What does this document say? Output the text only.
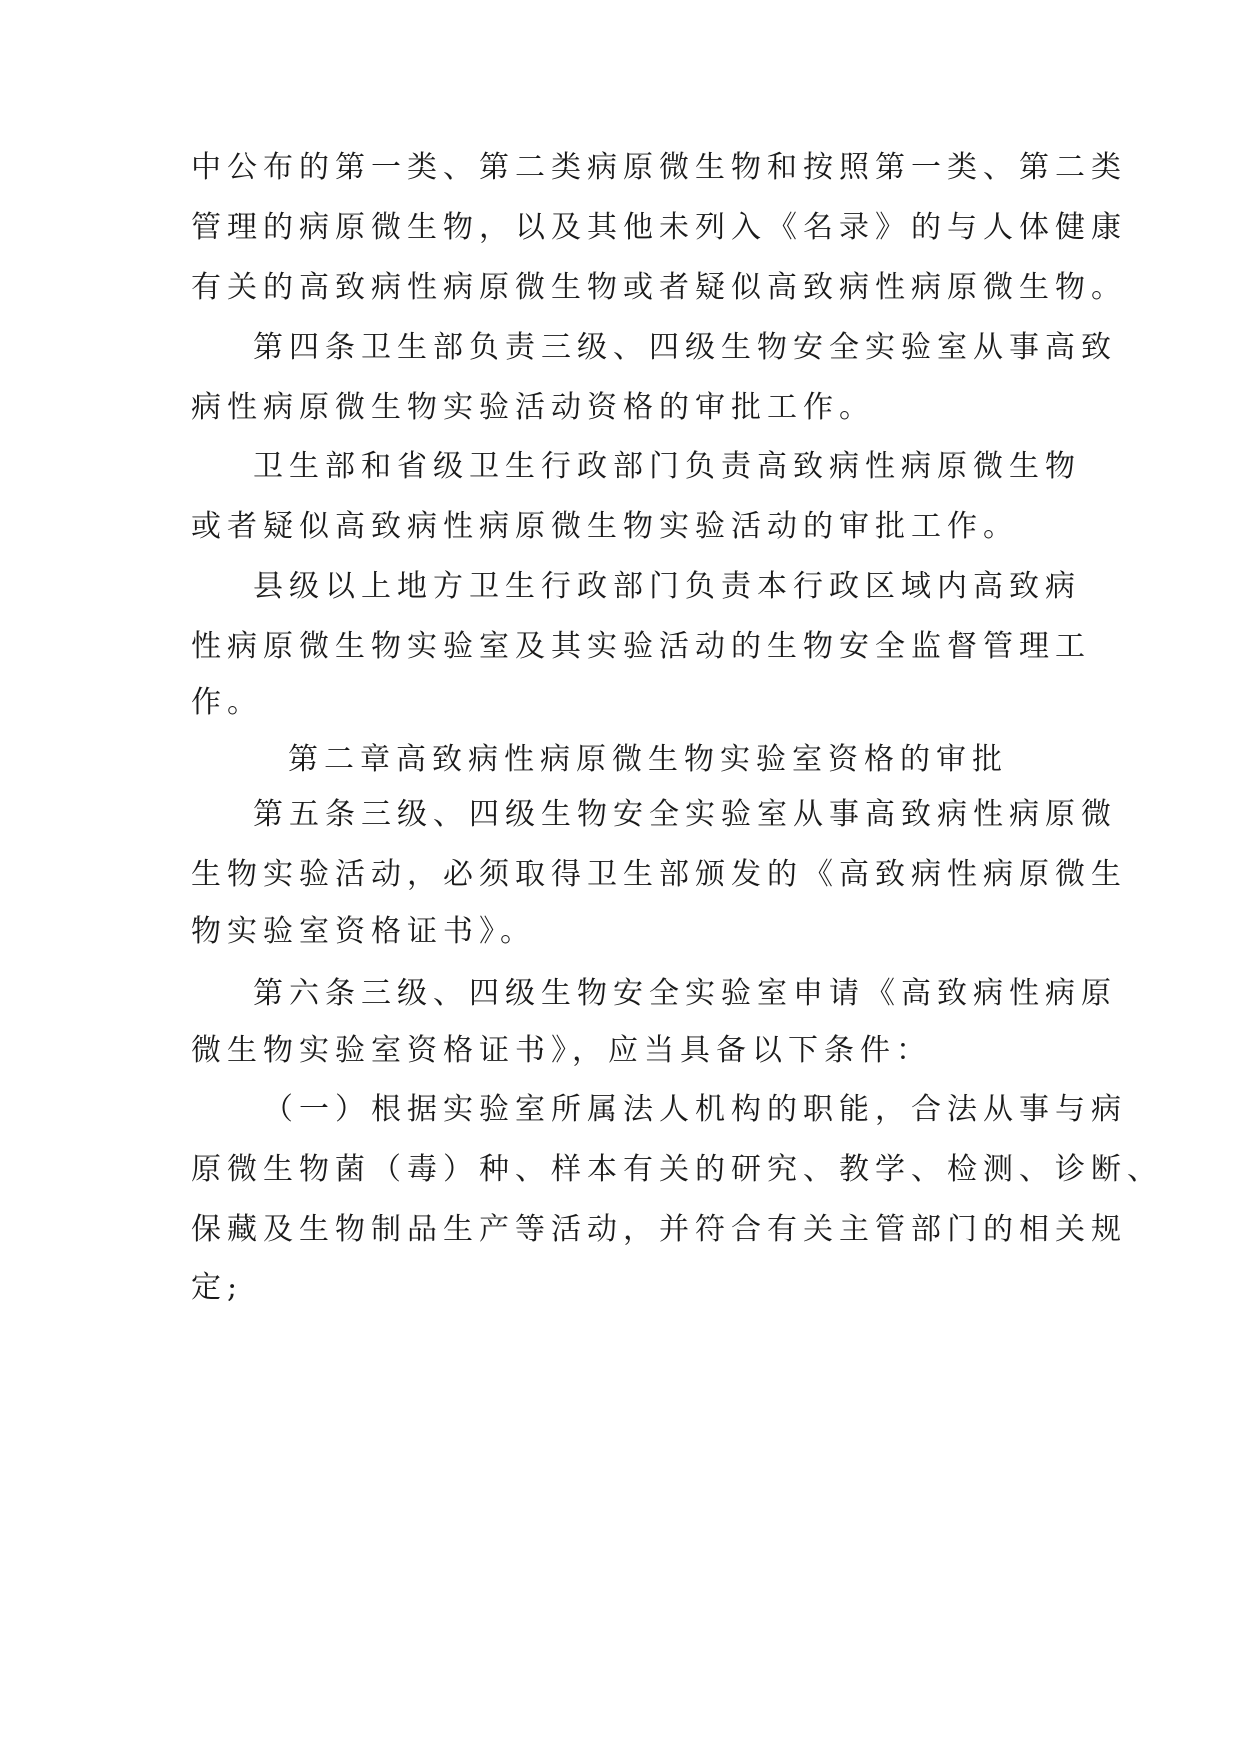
中公布的第一类、第二类病原微生物和按照第一类、第二类

管理的病原微生物，以及其他未列入《名录》的与人体健康

有关的高致病性病原微生物或者疑似高致病性病原微生物。

第四条卫生部负责三级、四级生物安全实验室从事高致

病性病原微生物实验活动资格的审批工作。

卫生部和省级卫生行政部门负责高致病性病原微生物

或者疑似高致病性病原微生物实验活动的审批工作。

县级以上地方卫生行政部门负责本行政区域内高致病

性病原微生物实验室及其实验活动的生物安全监督管理工

作。

第二章高致病性病原微生物实验室资格的审批

第五条三级、四级生物安全实验室从事高致病性病原微

生物实验活动，必须取得卫生部颁发的《高致病性病原微生

物实验室资格证书》。

第六条三级、四级生物安全实验室申请《高致病性病原

微生物实验室资格证书》，应当具备以下条件：

（一）根据实验室所属法人机构的职能，合法从事与病

原微生物菌（毒）种、样本有关的研究、教学、检测、诊断、

保藏及生物制品生产等活动，并符合有关主管部门的相关规

定;
